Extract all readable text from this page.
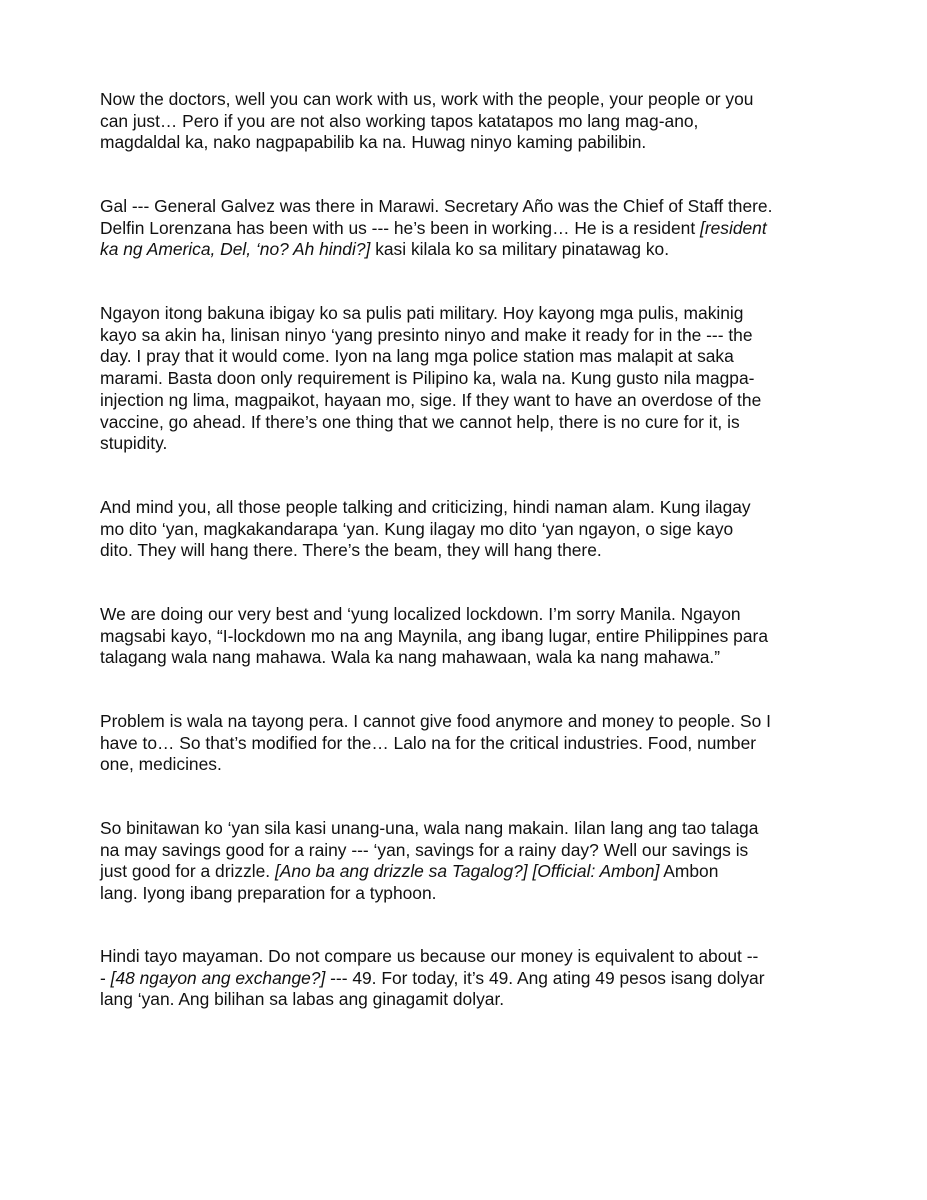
Now the doctors, well you can work with us, work with the people, your people or you
can just… Pero if you are not also working tapos katatapos mo lang mag-ano,
magdaldal ka, nako nagpapabilib ka na. Huwag ninyo kaming pabilibin.

Gal --- General Galvez was there in Marawi. Secretary Año was the Chief of Staff there.
Delfin Lorenzana has been with us --- he’s been in working… He is a resident [resident
ka ng America, Del, ‘no? Ah hindi?] kasi kilala ko sa military pinatawag ko.

Ngayon itong bakuna ibigay ko sa pulis pati military. Hoy kayong mga pulis, makinig
kayo sa akin ha, linisan ninyo ‘yang presinto ninyo and make it ready for in the --- the
day. I pray that it would come. Iyon na lang mga police station mas malapit at saka
marami. Basta doon only requirement is Pilipino ka, wala na. Kung gusto nila magpa-
injection ng lima, magpaikot, hayaan mo, sige. If they want to have an overdose of the
vaccine, go ahead. If there’s one thing that we cannot help, there is no cure for it, is
stupidity.

And mind you, all those people talking and criticizing, hindi naman alam. Kung ilagay
mo dito ‘yan, magkakandarapa ‘yan. Kung ilagay mo dito ‘yan ngayon, o sige kayo
dito. They will hang there. There’s the beam, they will hang there.

We are doing our very best and ‘yung localized lockdown. I’m sorry Manila. Ngayon
magsabi kayo, “I-lockdown mo na ang Maynila, ang ibang lugar, entire Philippines para
talagang wala nang mahawa. Wala ka nang mahawaan, wala ka nang mahawa.”

Problem is wala na tayong pera. I cannot give food anymore and money to people. So I
have to… So that’s modified for the… Lalo na for the critical industries. Food, number
one, medicines.

So binitawan ko ‘yan sila kasi unang-una, wala nang makain. Iilan lang ang tao talaga
na may savings good for a rainy --- ‘yan, savings for a rainy day? Well our savings is
just good for a drizzle. [Ano ba ang drizzle sa Tagalog?] [Official: Ambon] Ambon
lang. Iyong ibang preparation for a typhoon.

Hindi tayo mayaman. Do not compare us because our money is equivalent to about --
- [48 ngayon ang exchange?] --- 49. For today, it’s 49. Ang ating 49 pesos isang dolyar
lang ‘yan. Ang bilihan sa labas ang ginagamit dolyar.
